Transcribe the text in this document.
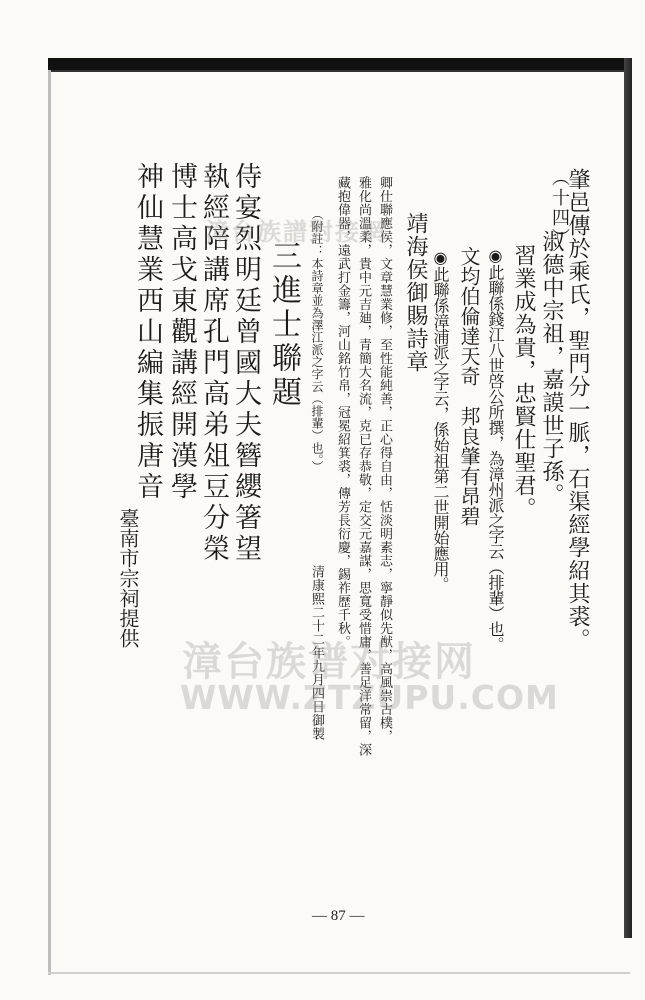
（十四）
肇邑傳於乘氏，聖門分一脈，石渠經學紹其裘。
淑德中宗祖，嘉謨世子孫。
習業成為貴，忠賢仕聖君。
◉此聯係錢江八世啓公所撰，為漳州派之字云（排輩）也。
文均伯倫達天奇　邦良肇有昂碧
◉此聯係漳浦派之字云，係始祖第二世開始應用。
靖海侯御賜詩章
卿仕聯應侯，文章慧業修，至性能純善，正心得自由，恬淡明素志，寧靜似先猷，高風崇古樸，
雅化尚溫柔，貴中元吉廸，青簡大名流，克已存恭敬，定交元嘉謀，思寬受惜庸，善足洋常留，深
藏抱偉器，遠武打金籌，河山銘竹帛，冠冕紹箕裘，傳芳長衍慶，錫祚歷千秋。
清康熙二十二年九月四日御製
（附註：本詩章並為澤江派之字云（排輩）也。）
三進士聯題
侍宴烈明廷曾國大夫簪纓箸望
執經陪講席孔門高弟俎豆分榮
博士高戈東觀講經開漢學
神仙慧業西山編集振唐音
臺南市宗祠提供
— 87 —
漳台族譜對接網
漳台族谱对接网
WWW.ZTZUPU.COM
